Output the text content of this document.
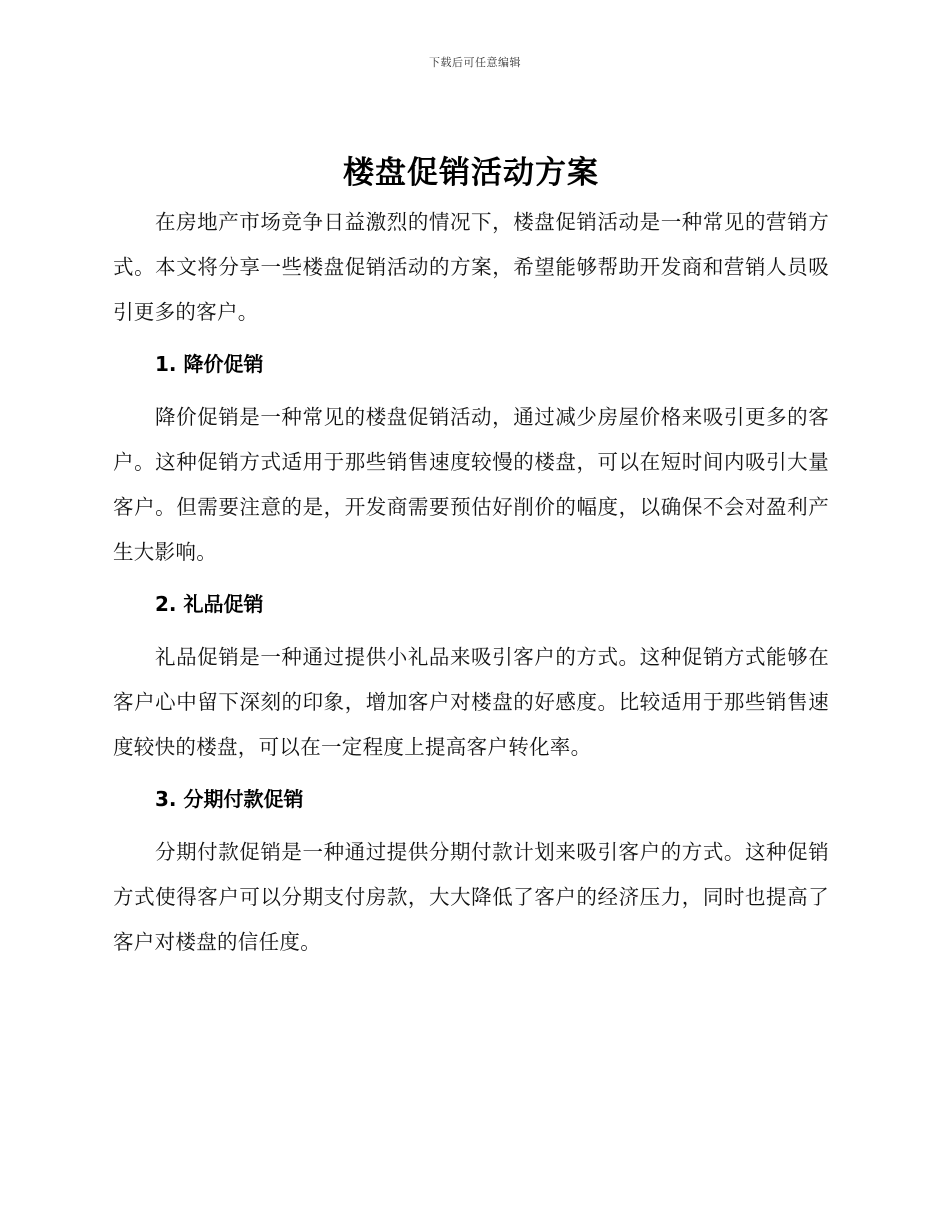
下载后可任意编辑
楼盘促销活动方案

在房地产市场竞争日益激烈的情况下，楼盘促销活动是一种常见的营销方式。本文将分享一些楼盘促销活动的方案，希望能够帮助开发商和营销人员吸引更多的客户。

1. 降价促销

降价促销是一种常见的楼盘促销活动，通过减少房屋价格来吸引更多的客户。这种促销方式适用于那些销售速度较慢的楼盘，可以在短时间内吸引大量客户。但需要注意的是，开发商需要预估好削价的幅度，以确保不会对盈利产生大影响。

2. 礼品促销

礼品促销是一种通过提供小礼品来吸引客户的方式。这种促销方式能够在客户心中留下深刻的印象，增加客户对楼盘的好感度。比较适用于那些销售速度较快的楼盘，可以在一定程度上提高客户转化率。

3. 分期付款促销

分期付款促销是一种通过提供分期付款计划来吸引客户的方式。这种促销方式使得客户可以分期支付房款，大大降低了客户的经济压力，同时也提高了客户对楼盘的信任度。
